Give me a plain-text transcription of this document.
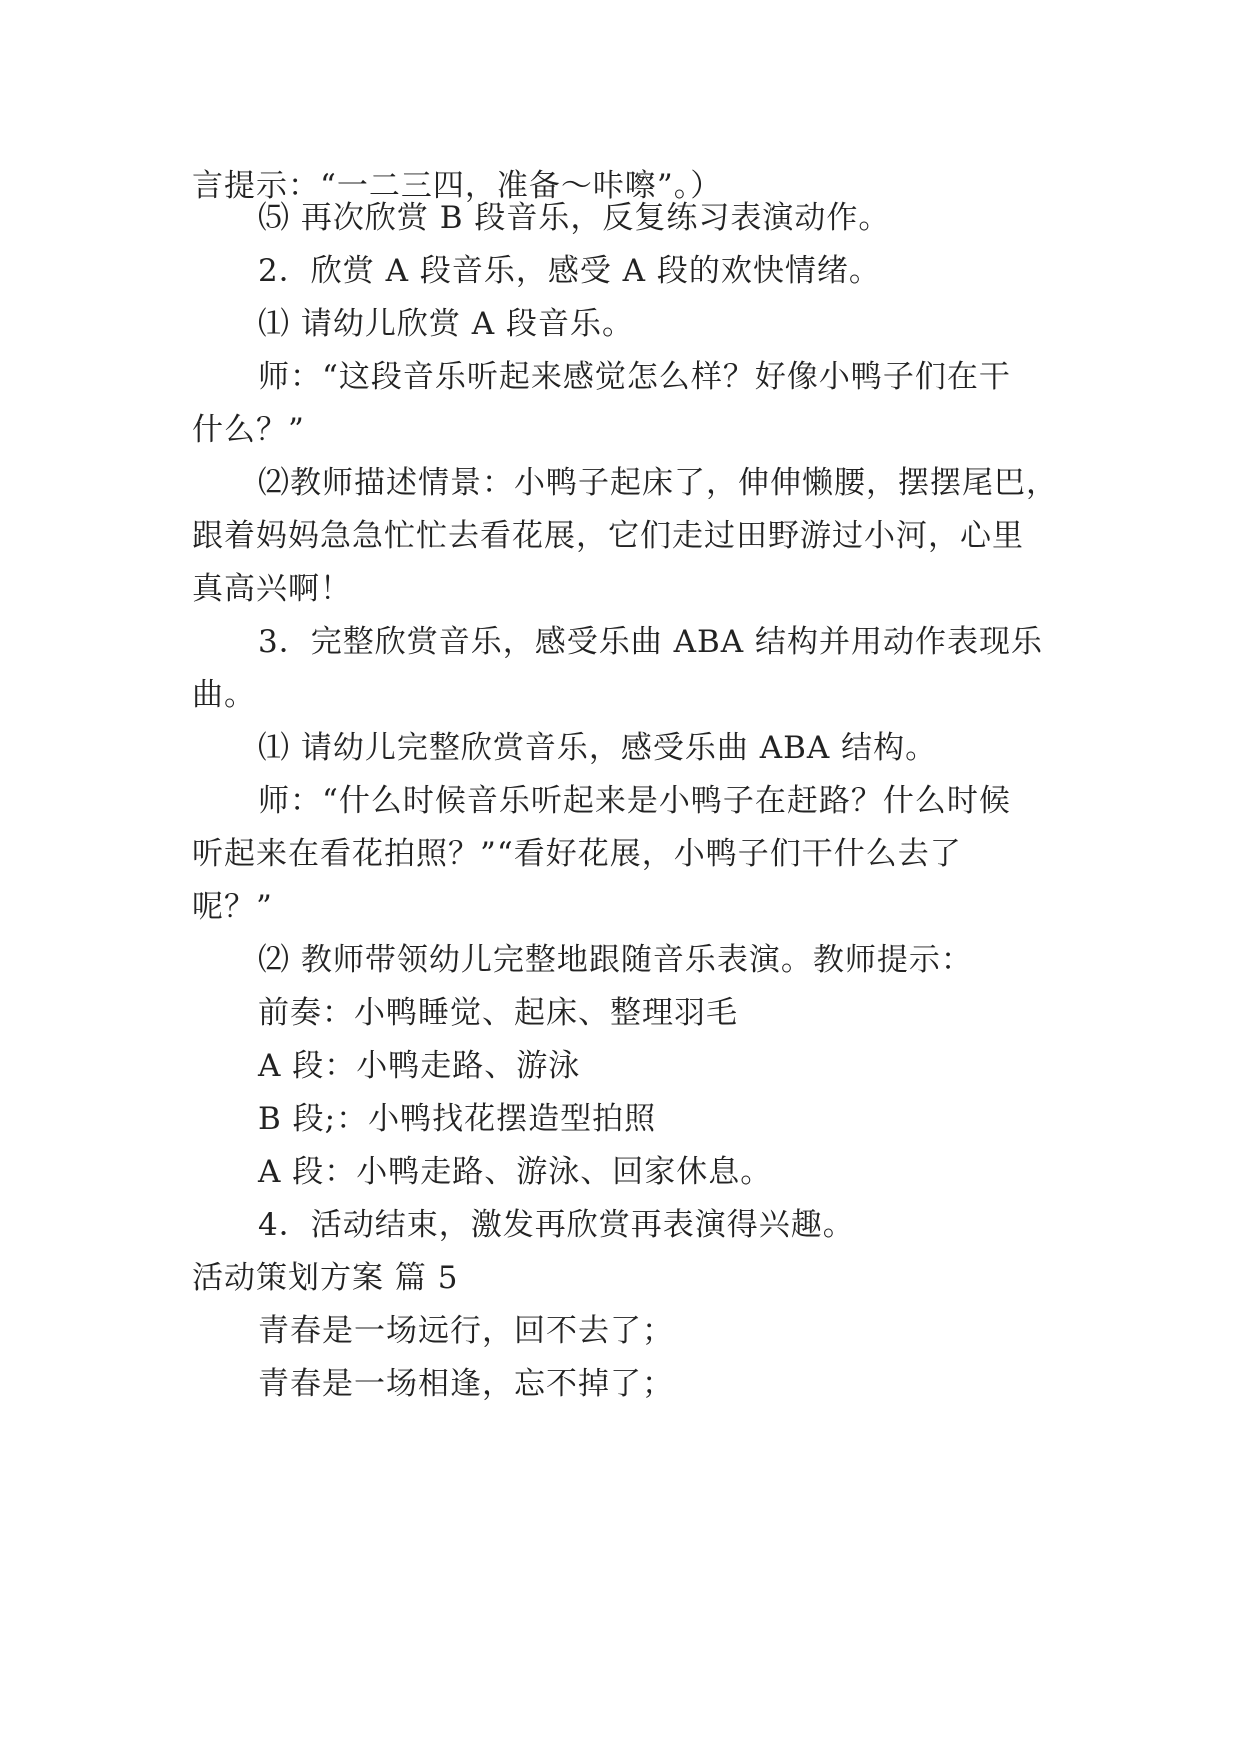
言提示：“一二三四，准备～咔嚓”。）
⑸ 再次欣赏 B 段音乐，反复练习表演动作。
2．欣赏 A 段音乐，感受 A 段的欢快情绪。
⑴ 请幼儿欣赏 A 段音乐。
师：“这段音乐听起来感觉怎么样？好像小鸭子们在干
什么？”
⑵教师描述情景：小鸭子起床了，伸伸懒腰，摆摆尾巴，
跟着妈妈急急忙忙去看花展，它们走过田野游过小河，心里
真高兴啊！
3．完整欣赏音乐，感受乐曲 ABA 结构并用动作表现乐
曲。
⑴ 请幼儿完整欣赏音乐，感受乐曲 ABA 结构。
师：“什么时候音乐听起来是小鸭子在赶路？什么时候
听起来在看花拍照？”“看好花展，小鸭子们干什么去了
呢？”
⑵ 教师带领幼儿完整地跟随音乐表演。教师提示：
前奏：小鸭睡觉、起床、整理羽毛
A 段：小鸭走路、游泳
B 段;：小鸭找花摆造型拍照
A 段：小鸭走路、游泳、回家休息。
4．活动结束，激发再欣赏再表演得兴趣。
活动策划方案 篇 5
青春是一场远行，回不去了；
青春是一场相逢，忘不掉了；
